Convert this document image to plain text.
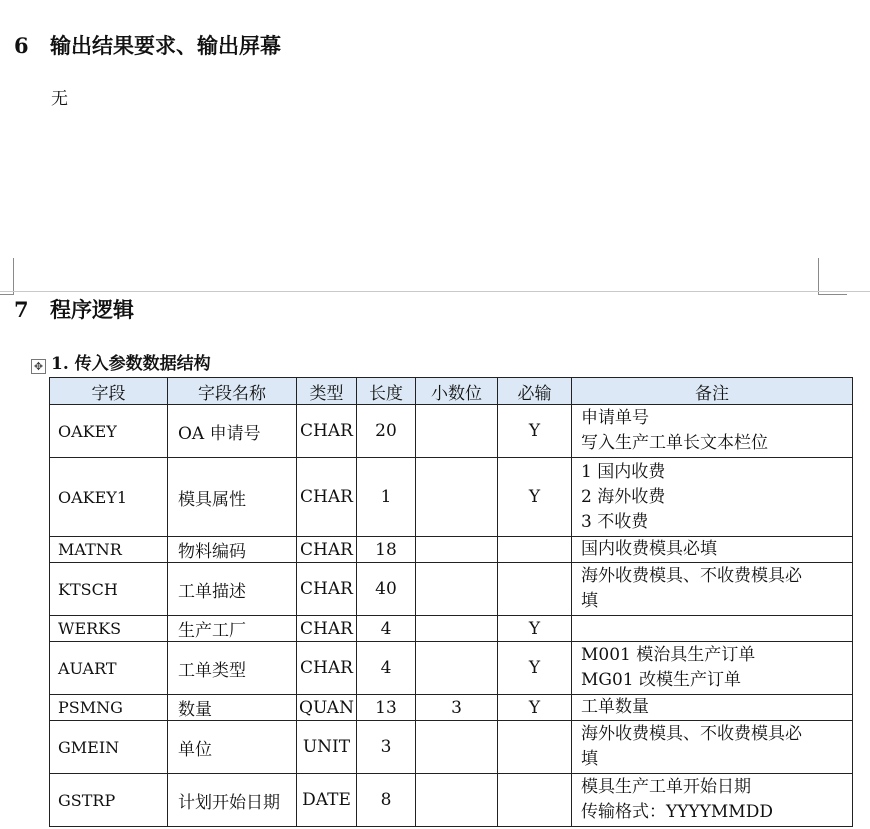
6 输出结果要求、输出屏幕
无
7 程序逻辑
✥ 1. 传入参数数据结构
字段	字段名称	类型	长度	小数位	必输	备注
OAKEY	OA 申请号	CHAR	20		Y	申请单号
写入生产工单长文本栏位

OAKEY1	模具属性	CHAR	1		Y	1 国内收费
2 海外收费
3 不收费

MATNR	物料编码	CHAR	18			国内收费模具必填

KTSCH	工单描述	CHAR	40			海外收费模具、不收费模具必
填

WERKS	生产工厂	CHAR	4		Y	
AUART	工单类型	CHAR	4		Y	M001 模治具生产订单
MG01 改模生产订单

PSMNG	数量	QUAN	13	3	Y	工单数量

GMEIN	单位	UNIT	3			海外收费模具、不收费模具必
填

GSTRP	计划开始日期	DATE	8			模具生产工单开始日期
传输格式：YYYYMMDD
